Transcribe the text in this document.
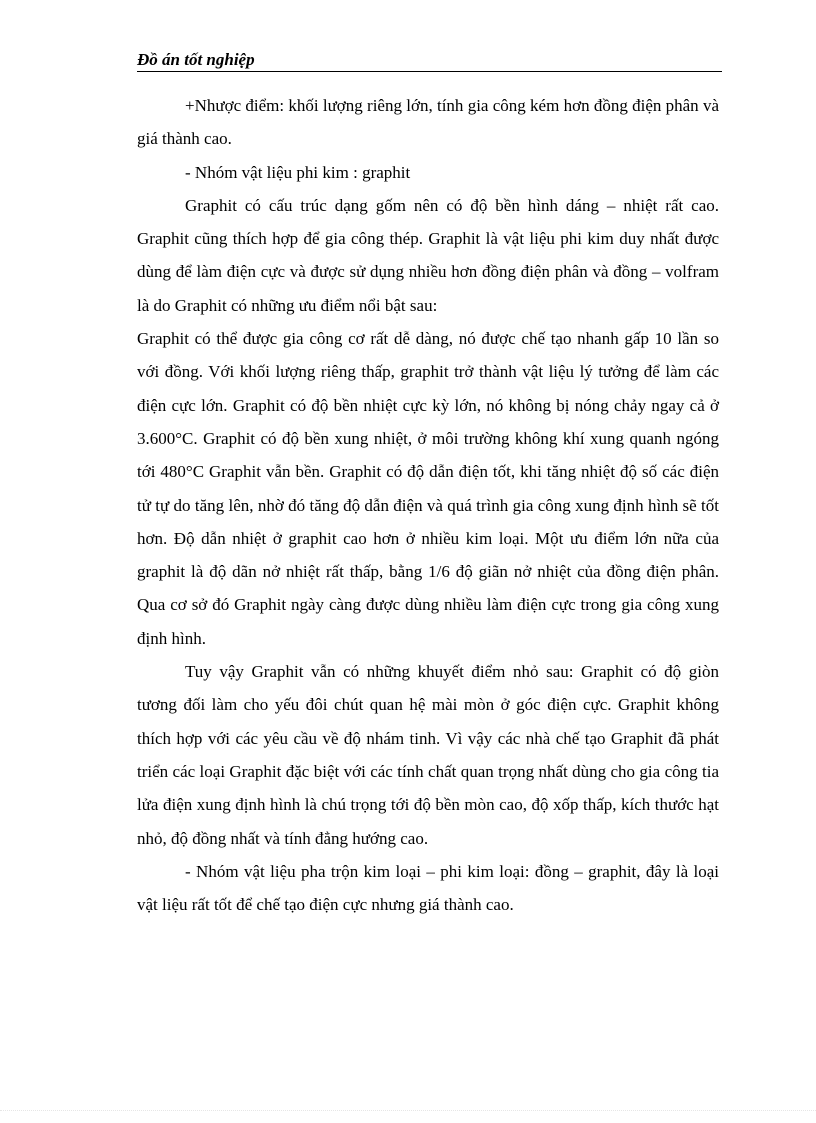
Đồ án tốt nghiệp

+Nhược điểm: khối lượng riêng lớn, tính gia công kém hơn đồng điện phân và giá thành cao.

- Nhóm vật liệu phi kim : graphit

Graphit có cấu trúc dạng gốm nên có độ bền hình dáng – nhiệt rất cao. Graphit cũng thích hợp để gia công thép. Graphit là vật liệu phi kim duy nhất được dùng để làm điện cực và được sử dụng nhiều hơn đồng điện phân và đồng – volfram là do Graphit có những ưu điểm nổi bật sau:

Graphit có thể được gia công cơ rất dễ dàng, nó được chế tạo nhanh gấp 10 lần so với đồng. Với khối lượng riêng thấp, graphit trở thành vật liệu lý tưởng để làm các điện cực lớn. Graphit có độ bền nhiệt cực kỳ lớn, nó không bị nóng chảy ngay cả ở 3.600°C. Graphit có độ bền xung nhiệt, ở môi trường không khí xung quanh ngóng tới 480°C Graphit vẫn bền. Graphit có độ dẫn điện tốt, khi tăng nhiệt độ số các điện tử tự do tăng lên, nhờ đó tăng độ dẫn điện và quá trình gia công xung định hình sẽ tốt hơn. Độ dẫn nhiệt ở graphit cao hơn ở nhiều kim loại. Một ưu điểm lớn nữa của graphit là độ dãn nở nhiệt rất thấp, bằng 1/6 độ giãn nở nhiệt của đồng điện phân. Qua cơ sở đó Graphit ngày càng được dùng nhiều làm điện cực trong gia công xung định hình.

Tuy vậy Graphit vẫn có những khuyết điểm nhỏ sau: Graphit có độ giòn tương đối làm cho yếu đôi chút quan hệ mài mòn ở góc điện cực. Graphit không thích hợp với các yêu cầu về độ nhám tinh. Vì vậy các nhà chế tạo Graphit đã phát triển các loại Graphit đặc biệt với các tính chất quan trọng nhất dùng cho gia công tia lửa điện xung định hình là chú trọng tới độ bền mòn cao, độ xốp thấp, kích thước hạt nhỏ, độ đồng nhất và tính đẳng hướng cao.

- Nhóm vật liệu pha trộn kim loại – phi kim loại: đồng – graphit, đây là loại vật liệu rất tốt để chế tạo điện cực nhưng giá thành cao.
